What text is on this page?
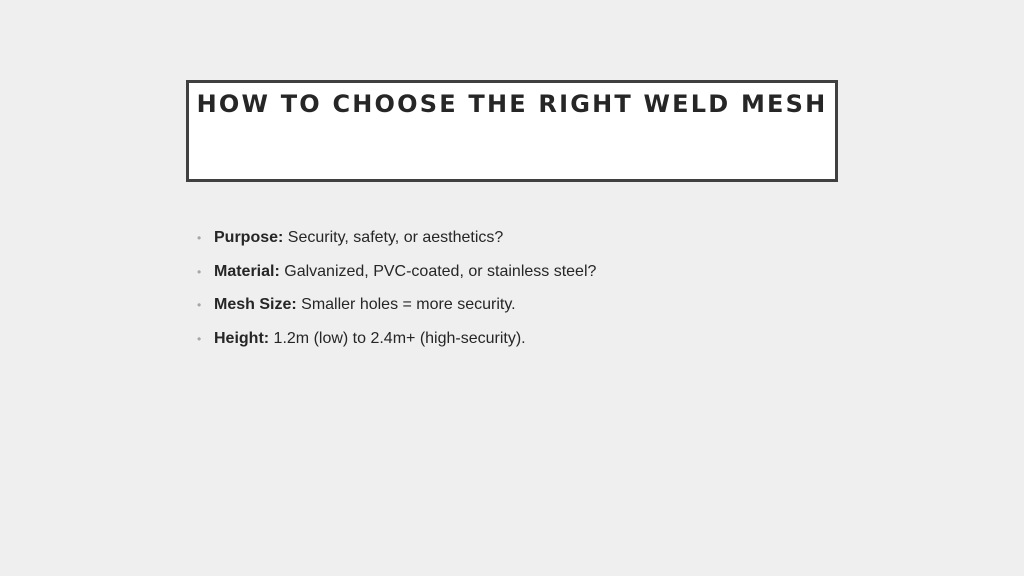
HOW TO CHOOSE THE RIGHT WELD MESH
• Purpose: Security, safety, or aesthetics?
• Material: Galvanized, PVC-coated, or stainless steel?
• Mesh Size: Smaller holes = more security.
• Height: 1.2m (low) to 2.4m+ (high-security).
